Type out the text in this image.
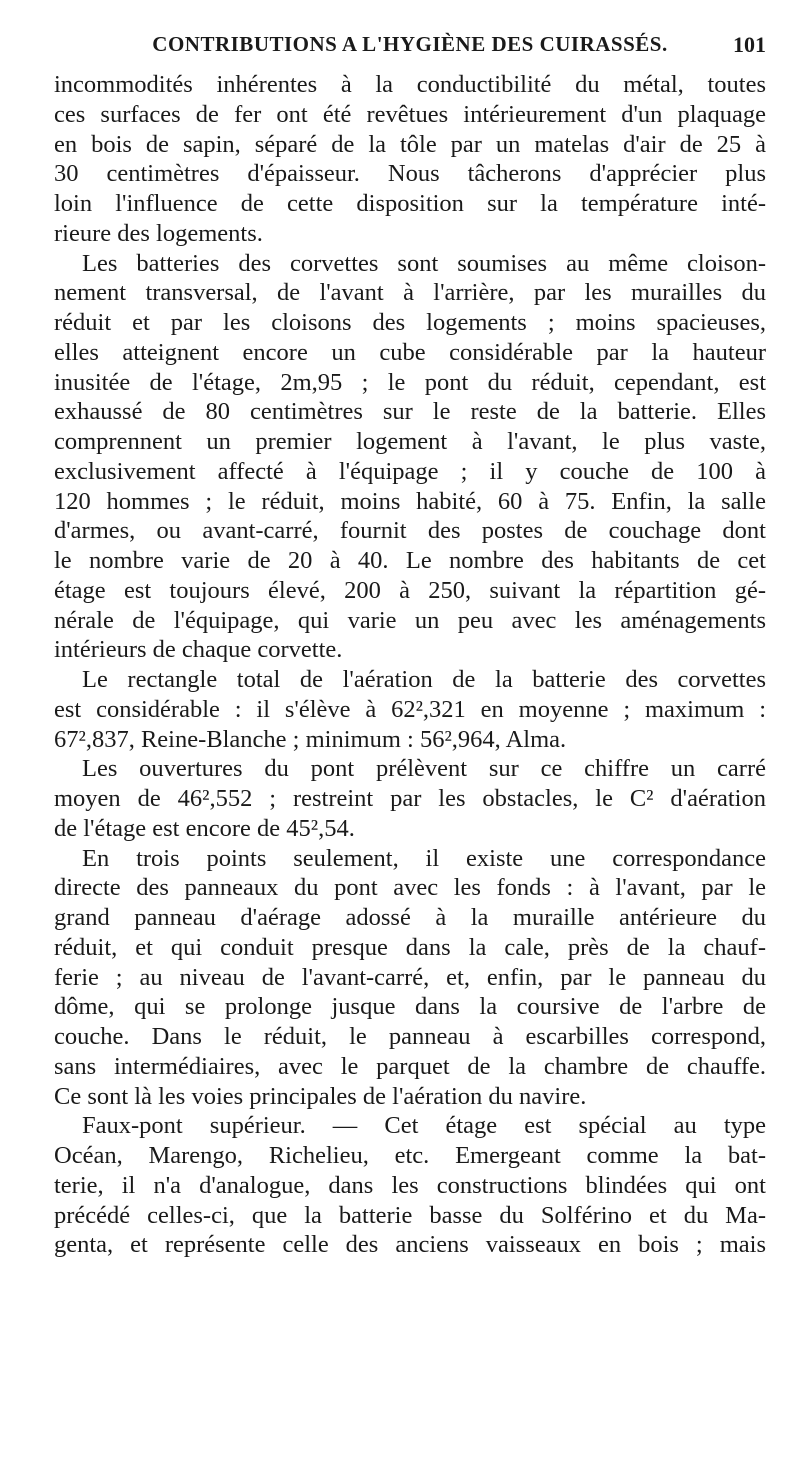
CONTRIBUTIONS A L'HYGIÈNE DES CUIRASSÉS.	101
incommodités inhérentes à la conductibilité du métal, toutes
ces surfaces de fer ont été revêtues intérieurement d'un plaquage
en bois de sapin, séparé de la tôle par un matelas d'air de 25 à
30 centimètres d'épaisseur. Nous tâcherons d'apprécier plus
loin l'influence de cette disposition sur la température inté-
rieure des logements.
Les batteries des corvettes sont soumises au même cloison-
nement transversal, de l'avant à l'arrière, par les murailles du
réduit et par les cloisons des logements ; moins spacieuses,
elles atteignent encore un cube considérable par la hauteur
inusitée de l'étage, 2m,95 ; le pont du réduit, cependant, est
exhaussé de 80 centimètres sur le reste de la batterie. Elles
comprennent un premier logement à l'avant, le plus vaste,
exclusivement affecté à l'équipage ; il y couche de 100 à
120 hommes ; le réduit, moins habité, 60 à 75. Enfin, la salle
d'armes, ou avant-carré, fournit des postes de couchage dont
le nombre varie de 20 à 40. Le nombre des habitants de cet
étage est toujours élevé, 200 à 250, suivant la répartition gé-
nérale de l'équipage, qui varie un peu avec les aménagements
intérieurs de chaque corvette.
Le rectangle total de l'aération de la batterie des corvettes
est considérable : il s'élève à 62²,321 en moyenne ; maximum :
67²,837, Reine-Blanche ; minimum : 56²,964, Alma.
Les ouvertures du pont prélèvent sur ce chiffre un carré
moyen de 46²,552 ; restreint par les obstacles, le C² d'aération
de l'étage est encore de 45²,54.
En trois points seulement, il existe une correspondance
directe des panneaux du pont avec les fonds : à l'avant, par le
grand panneau d'aérage adossé à la muraille antérieure du
réduit, et qui conduit presque dans la cale, près de la chauf-
ferie ; au niveau de l'avant-carré, et, enfin, par le panneau du
dôme, qui se prolonge jusque dans la coursive de l'arbre de
couche. Dans le réduit, le panneau à escarbilles correspond,
sans intermédiaires, avec le parquet de la chambre de chauffe.
Ce sont là les voies principales de l'aération du navire.
Faux-pont supérieur. — Cet étage est spécial au type
Océan, Marengo, Richelieu, etc. Emergeant comme la bat-
terie, il n'a d'analogue, dans les constructions blindées qui ont
précédé celles-ci, que la batterie basse du Solférino et du Ma-
genta, et représente celle des anciens vaisseaux en bois ; mais
